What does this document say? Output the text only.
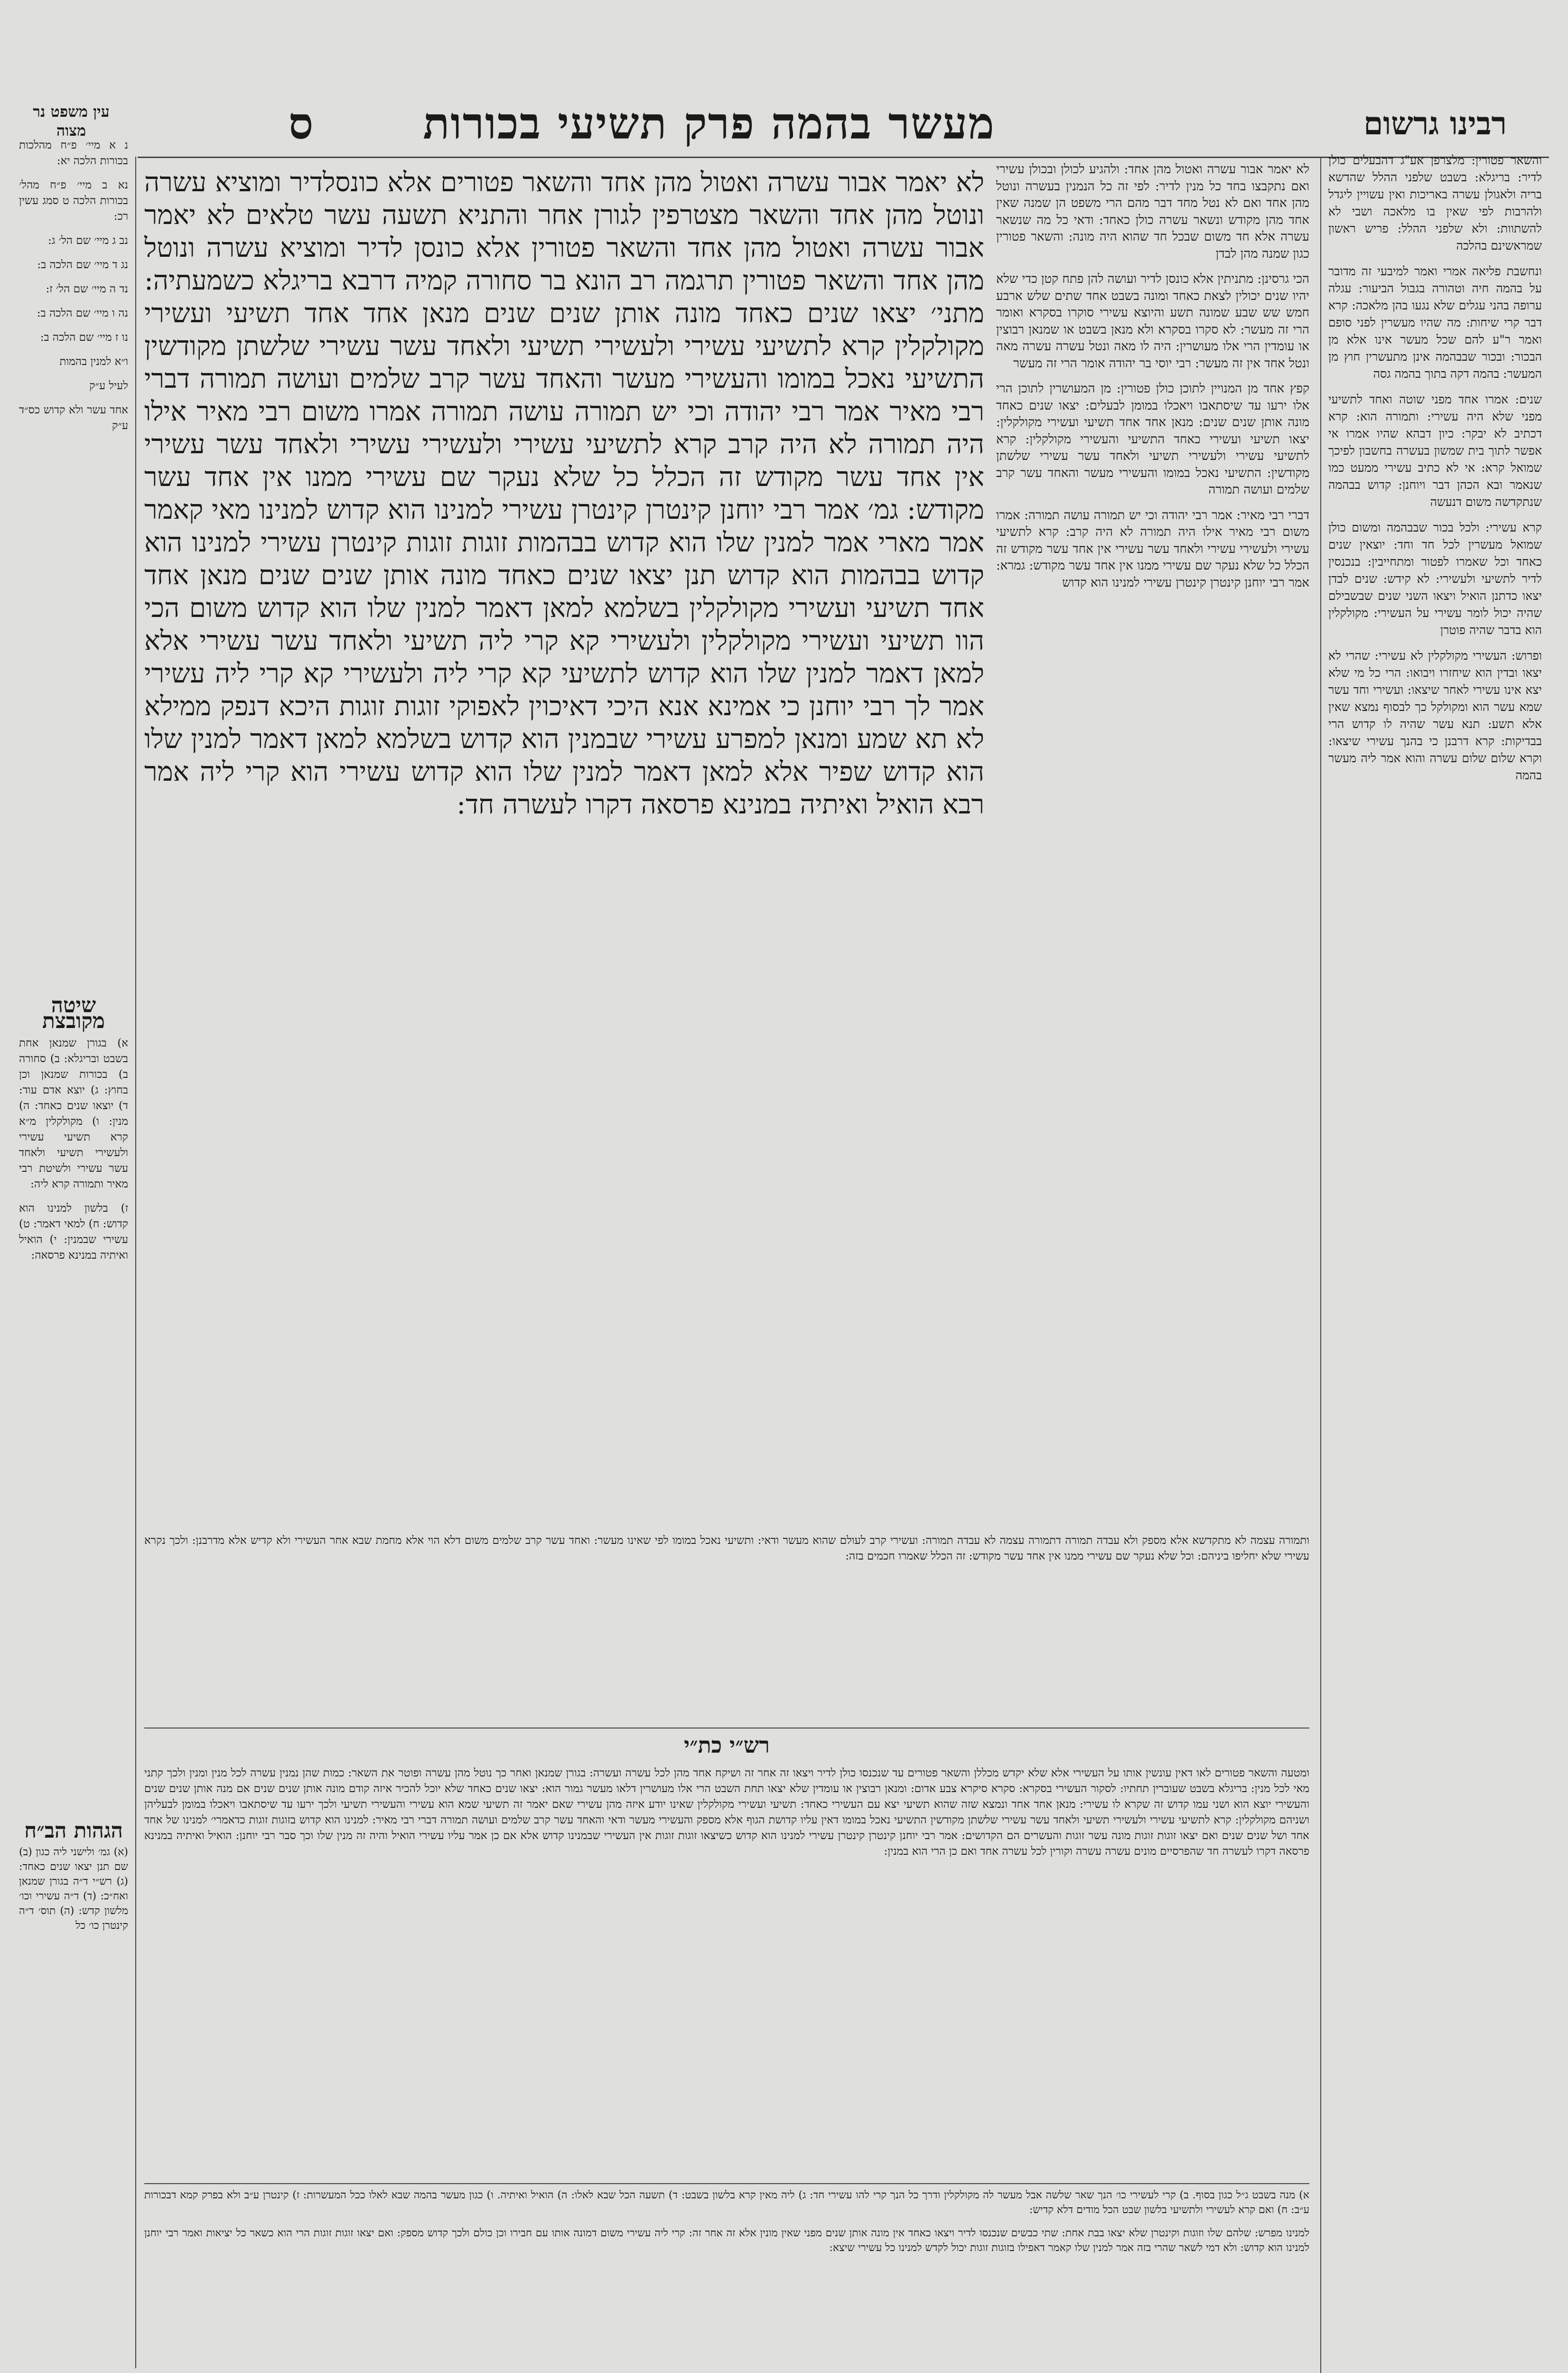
רבינו גרשום
מעשר בהמה פרק תשיעי בכורות
ס
עין משפט נר מצוה

והשאר פטורין: מלצרפן אע"ג דהבעלים כולן לדיר: בריגלא: בשבט שלפני ההלל שהדשא בריה ולאגולן עשרה באריכות ואין עשויין ליגדל ולהרבות לפי שאין בו מלאכה ושבי לא להשתוות: ולא שלפני ההלל: פריש ראשון שמראשינם בהלכה

ונחשבת פליאה אמרי ואמר למיבעי זה מדובר על בהמה חיה וטהורה בגבול הביעור: עגלה ערופה בהני עגלים שלא נגעו בהן מלאכה: קרא דבר קרי שיחות: מה שהיו מעשרין לפני סופם ואמר ר"ע להם שכל מעשר אינו אלא מן הבכור: ובכור שבבהמה אינן מתעשרין חוץ מן המעשר: בהמה דקה בתוך בהמה גסה

שנים: אמרו אחד מפני שוטה ואחד לתשיעי מפני שלא היה עשירי: ותמורה הוא: קרא דכתיב לא יבקר: כיון דבהא שהיו אמרו אי אפשר לתוך בית שמשון בעשרה בחשבון לפיכך שמואל קרא: אי לא כתיב עשירי ממעט כמו שנאמר ובא הכהן דבר ויוחנן: קדוש בבהמה שנתקדשה משום דנעשה

קרא עשירי: ולכל בכור שבבהמה ומשום כולן שמואל מעשרין לכל חד וחד: יוצאין שנים כאחד וכל שאמרו לפטור ומתחייבין: בנכנסין לדיר לתשיעי ולעשירי: לא קידש: שנים לבדן יצאו כדתנן הואיל ויצאו השני שנים שבשבילם שהיה יכול לומר עשירי על העשירי: מקולקלין הוא בדבר שהיה פוטרן

ופרוש: העשירי מקולקלין לא עשירי: שהרי לא יצאו ובדין הוא שיחזרו ויבואו: הרי כל מי שלא יצא אינו עשירי לאחר שיצאו: ועשירי וחד עשר שמא עשר הוא ומקולקל כך לבסוף נמצא שאין אלא תשע: תנא עשר שהיה לו קדוש הרי בבדיקות: קרא דרבנן כי בהנך עשירי שיצאו: וקרא שלום שלום עשרה והוא אמר ליה מעשר בהמה

לא יאמר אבור עשרה ואטול מהן אחד: ולהגיע לכולן ובכולן עשירי ואם נתקבצו בחד כל מנין לדיר: לפי זה כל הנמנין בעשרה ונוטל מהן אחד ואם לא נטל מחד דבר מהם הרי משפט הן שמנה שאין אחד מהן מקודש ונשאר עשרה כולן כאחד: ודאי כל מה שנשאר עשרה אלא חד משום שבכל חד שהוא היה מונה: והשאר פטורין כגון שמנה מהן לבדן

הכי גרסינן: מתניתין אלא כונסן לדיר ועושה להן פתח קטן כדי שלא יהיו שנים יכולין לצאת כאחד ומונה בשבט אחד שתים שלש ארבע חמש שש שבע שמונה תשע והיוצא עשירי סוקרו בסקרא ואומר הרי זה מעשר: לא סקרו בסקרא ולא מנאן בשבט או שמנאן רבוצין או עומדין הרי אלו מעושרין: היה לו מאה ונטל עשרה עשרה מאה ונטל אחד אין זה מעשר: רבי יוסי בר יהודה אומר הרי זה מעשר

קפץ אחד מן המנויין לתוכן כולן פטורין: מן המעושרין לתוכן הרי אלו ירעו עד שיסתאבו ויאכלו במומן לבעלים: יצאו שנים כאחד מונה אותן שנים שנים: מנאן אחד אחד תשיעי ועשירי מקולקלין: יצאו תשיעי ועשירי כאחד התשיעי והעשירי מקולקלין: קרא לתשיעי עשירי ולעשירי תשיעי ולאחד עשר עשירי שלשתן מקודשין: התשיעי נאכל במומו והעשירי מעשר והאחד עשר קרב שלמים ועושה תמורה

דברי רבי מאיר: אמר רבי יהודה וכי יש תמורה עושה תמורה: אמרו משום רבי מאיר אילו היה תמורה לא היה קרב: קרא לתשיעי עשירי ולעשירי עשירי ולאחד עשר עשירי אין אחד עשר מקודש זה הכלל כל שלא נעקר שם עשירי ממנו אין אחד עשר מקודש: גמרא: אמר רבי יוחנן קינטרן קינטרן עשירי למנינו הוא קדוש

לא יאמר אבור עשרה ואטול מהן אחד והשאר פטורים אלא כונסלדיר ומוציא עשרה ונוטל מהן אחד והשאר מצטרפין לגורן אחר והתניא תשעה עשר טלאים לא יאמר אבור עשרה ואטול מהן אחד והשאר פטורין אלא כונסן לדיר ומוציא עשרה ונוטל מהן אחד והשאר פטורין תרגמה רב הונא בר סחורה קמיה דרבא בריגלא כשמעתיה: מתני׳ יצאו שנים כאחד מונה אותן שנים שנים מנאן אחד אחד תשיעי ועשירי מקולקלין קרא לתשיעי עשירי ולעשירי תשיעי ולאחד עשר עשירי שלשתן מקודשין התשיעי נאכל במומו והעשירי מעשר והאחד עשר קרב שלמים ועושה תמורה דברי רבי מאיר אמר רבי יהודה וכי יש תמורה עושה תמורה אמרו משום רבי מאיר אילו היה תמורה לא היה קרב קרא לתשיעי עשירי ולעשירי עשירי ולאחד עשר עשירי אין אחד עשר מקודש זה הכלל כל שלא נעקר שם עשירי ממנו אין אחד עשר מקודש: גמ׳ אמר רבי יוחנן קינטרן קינטרן עשירי למנינו הוא קדוש למנינו מאי קאמר אמר מארי אמר למנין שלו הוא קדוש בבהמות זוגות זוגות קינטרן עשירי למנינו הוא קדוש בבהמות הוא קדוש תנן יצאו שנים כאחד מונה אותן שנים שנים מנאן אחד אחד תשיעי ועשירי מקולקלין בשלמא למאן דאמר למנין שלו הוא קדוש משום הכי הוו תשיעי ועשירי מקולקלין ולעשירי קא קרי ליה תשיעי ולאחד עשר עשירי אלא למאן דאמר למנין שלו הוא קדוש לתשיעי קא קרי ליה ולעשירי קא קרי ליה עשירי אמר לך רבי יוחנן כי אמינא אנא היכי דאיכוין לאפוקי זוגות זוגות היכא דנפק ממילא לא תא שמע ומנאן למפרע עשירי שבמנין הוא קדוש בשלמא למאן דאמר למנין שלו הוא קדוש שפיר אלא למאן דאמר למנין שלו הוא קדוש עשירי הוא קרי ליה אמר רבא הואיל ואיתיה במנינא פרסאה דקרו לעשרה חד:

נ א מיי׳ פ״ח מהלכות בכורות הלכה יא:

נא ב מיי׳ פ״ח מהל׳ בכורות הלכה ט סמג עשין רכ:

נב ג מיי׳ שם הל׳ ג:

נג ד מיי׳ שם הלכה ב:

נד ה מיי׳ שם הל׳ ז:

נה ו מיי׳ שם הלכה ב:

נו ז מיי׳ שם הלכה ב:

ו״א למנין בהמות

לעיל ע״ק

אחד עשר ולא קדוש כס״ד ע״ק

שיטה מקובצת

א) בגורן שמנאן אחת בשבט ובריגלא: ב) סחורה ב) בכורות שמנאן וכן בחוץ: ג) יוצא אדם עוד: ד) יוצאו שנים כאחד: ה) מנין: ו) מקולקלין מ״א קרא תשיעי עשירי ולעשירי תשיעי ולאחד עשר עשירי ולשיטת רבי מאיר ותמורה קרא ליה:

ז) בלשון למנינו הוא קדוש: ח) למאי דאמר: ט) עשירי שבמנין: י) הואיל ואיתיה במנינא פרסאה:

הגהות הב״ח

(א) גמ׳ ולישני ליה כגון (ב) שם תנן יצאו שנים כאחד: (ג) רש״י ד״ה בגורן שמנאן ואח״כ: (ד) ד״ה עשירי וכו׳ מלשון קדש: (ה) תוס׳ ד״ה קינטרן כו׳ כל

ותמורה עצמה לא מתקדשא אלא מספק ולא עבדה תמורה דתמורה עצמה לא עבדה תמורה: ועשירי קרב לעולם שהוא מעשר ודאי: ותשיעי נאכל במומו לפי שאינו מעשר: ואחד עשר קרב שלמים משום דלא הוי אלא מחמת שבא אחר העשירי ולא קדיש אלא מדרבנן: ולכך נקרא עשירי שלא יחליפו ביניהם: וכל שלא נעקר שם עשירי ממנו אין אחד עשר מקודש: זה הכלל שאמרו חכמים בזה:
רש״י כת״י
ומטעה והשאר פטורים לאו דאין עונשין אותו על העשירי אלא שלא יקדש מכללן והשאר פטורים עד שנכנסו כולן לדיר ויצאו זה אחר זה ושיקח אחד מהן לכל עשרה ועשרה: בגורן שמנאן ואחר כך נוטל מהן עשרה ופוטר את השאר: כמות שהן נמנין עשרה לכל מנין ומנין ולכך קתני מאי לכל מנין: בריגלא בשבט שעוברין תחתיו: לסקור העשירי בסקרא: סקרא סיקרא צבע אדום: ומנאן רבוצין או עומדין שלא יצאו תחת השבט הרי אלו מעושרין דלאו מעשר גמור הוא: יצאו שנים כאחד שלא יוכל להכיר איזה קודם מונה אותן שנים שנים אם מנה אותן שנים שנים והעשירי יוצא הוא ושני עמו קדוש זה שקרא לו עשירי: מנאן אחד אחד ונמצא שזה שהוא תשיעי יצא עם העשירי כאחד: תשיעי ועשירי מקולקלין שאינו יודע איזה מהן עשירי שאם יאמר זה תשיעי שמא הוא עשירי והעשירי תשיעי ולכך ירעו עד שיסתאבו ויאכלו במומן לבעליהן ושניהם מקולקלין: קרא לתשיעי עשירי ולעשירי תשיעי ולאחד עשר עשירי שלשתן מקודשין התשיעי נאכל במומו דאין עליו קדושת הגוף אלא מספק והעשירי מעשר ודאי והאחד עשר קרב שלמים ועושה תמורה דברי רבי מאיר: למנינו הוא קדוש בזוגות זוגות כדאמרי׳ למנינו של אחד אחד ושל שנים שנים ואם יצאו זוגות זוגות מונה עשר זוגות והעשרים הם הקדושים: אמר רבי יוחנן קינטרן קינטרן עשירי למנינו הוא קדוש כשיצאו זוגות זוגות אין העשירי שבמנינו קדוש אלא אם כן אמר עליו עשירי הואיל והיה זה מנין שלו וכך סבר רבי יוחנן: הואיל ואיתיה במנינא פרסאה דקרו לעשרה חד שהפרסיים מונים עשרה עשרה וקורין לכל עשרה אחד ואם כן הרי הוא במנין:

א) מנה בשבט ג״ל כגון בסוף. ב) קרי לעשירי כו׳ הנך שאר שלשה אבל מעשר לה מקולקלין ודרך כל הנך קרי להו עשירי חד: ג) ליה מאין קרא בלשון בשבט: ד) תשעה הכל שבא לאלו: ה) הואיל ואיתיה. ו) כגון מעשר בהמה שבא לאלו ככל המעשרות: ז) קינטרן ע״ב ולא בפרק קמא דבכורות ע״ב: ח) ואם קרא לעשירי ולתשיעי בלשון שבט הכל מודים דלא קדיש:

למנינו מפרש: שלהם שלו וזוגות וקינטרן שלא יצאו בבת אחת: שתי כבשים שנכנסו לדיר ויצאו כאחד אין מונה אותן שנים מפני שאין מונין אלא זה אחר זה: קרי ליה עשירי משום דמונה אותו עם חבירו וכן כולם ולכך קדוש מספק: ואם יצאו זוגות זוגות הרי הוא כשאר כל יציאות ואמר רבי יוחנן למנינו הוא קדוש: ולא דמי לשאר שהרי בזה אמר למנין שלו קאמר דאפילו בזוגות זוגות יכול לקדש למנינו כל עשירי שיצא:
